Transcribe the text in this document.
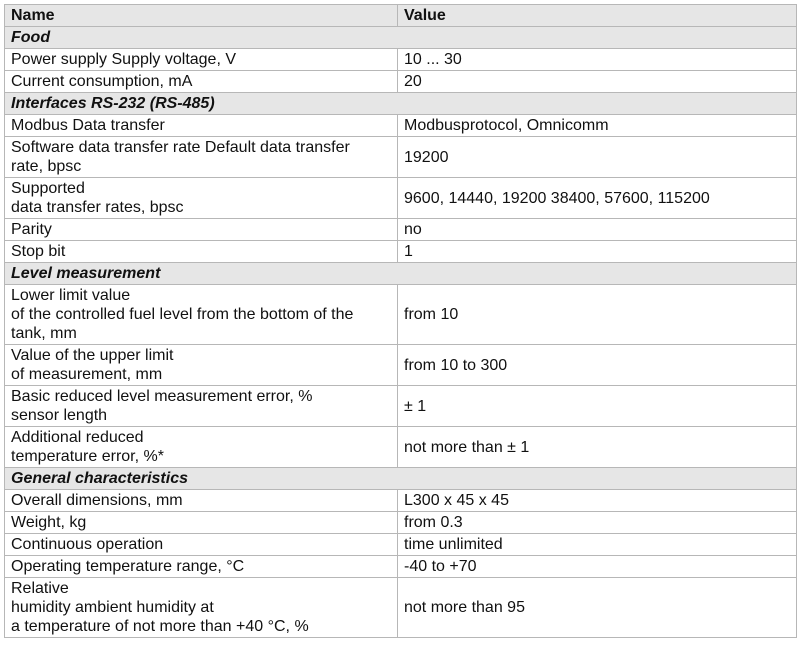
Name	Value
Food	
Power supply Supply voltage, V	10 ... 30
Current consumption, mA	20
Interfaces RS-232 (RS-485)	
Modbus Data transfer	Modbusprotocol, Omnicomm
Software data transfer rate Default data transfer
rate, bpsc	19200
Supported
data transfer rates, bpsc	9600, 14440, 19200 38400, 57600, 115200
Parity	no
Stop bit	1
Level measurement	
Lower limit value
of the controlled fuel level from the bottom of the
tank, mm	from 10
Value of the upper limit
of measurement, mm	from 10 to 300
Basic reduced level measurement error, %
sensor length	± 1
Additional reduced
temperature error, %*	not more than ± 1
General characteristics	
Overall dimensions, mm	L300 x 45 x 45
Weight, kg	from 0.3
Continuous operation	time unlimited
Operating temperature range, °C	-40 to +70
Relative
humidity ambient humidity at
a temperature of not more than +40 °C, %	not more than 95
